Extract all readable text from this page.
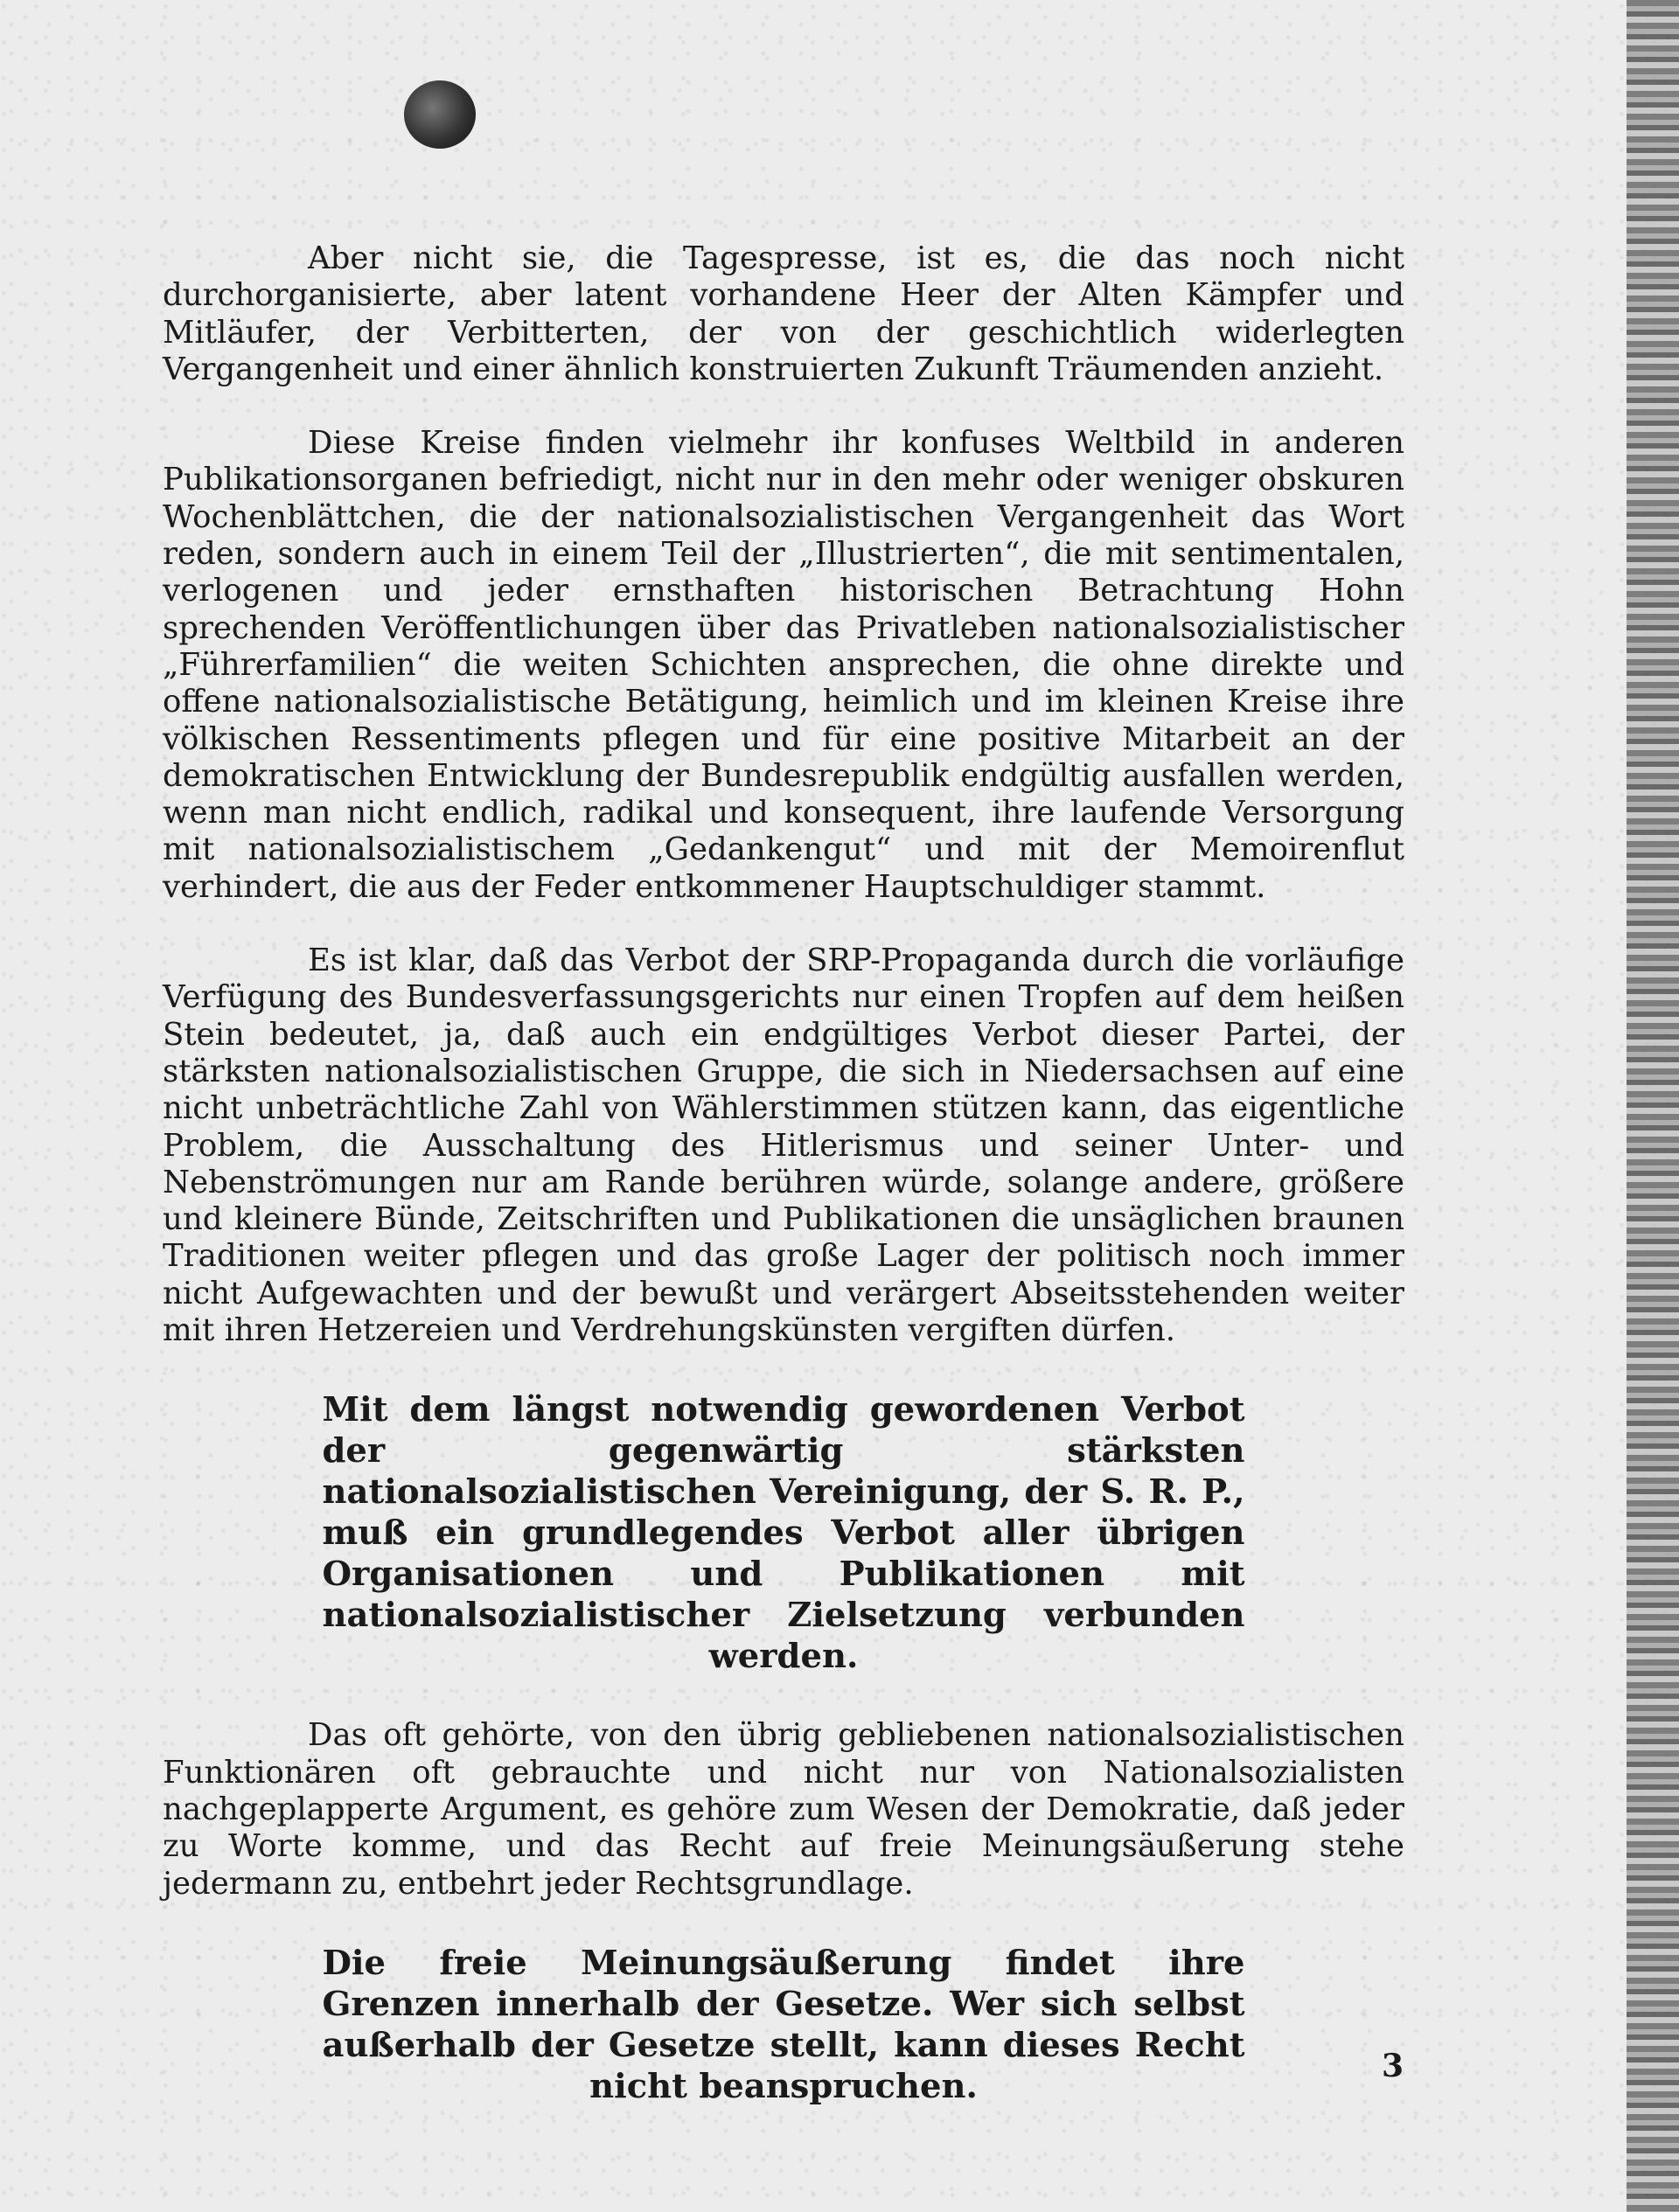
Aber nicht sie, die Tagespresse, ist es, die das noch nicht durchorganisierte, aber latent vorhandene Heer der Alten Kämpfer und Mitläufer, der Verbitterten, der von der geschichtlich widerlegten Vergangenheit und einer ähnlich konstruierten Zukunft Träumenden anzieht.

Diese Kreise finden vielmehr ihr konfuses Weltbild in anderen Publikationsorganen befriedigt, nicht nur in den mehr oder weniger obskuren Wochenblättchen, die der nationalsozialistischen Vergangenheit das Wort reden, sondern auch in einem Teil der „Illustrierten“, die mit sentimentalen, verlogenen und jeder ernsthaften historischen Betrachtung Hohn sprechenden Veröffentlichungen über das Privatleben nationalsozialistischer „Führerfamilien“ die weiten Schichten ansprechen, die ohne direkte und offene nationalsozialistische Betätigung, heimlich und im kleinen Kreise ihre völkischen Ressentiments pflegen und für eine positive Mitarbeit an der demokratischen Entwicklung der Bundesrepublik endgültig ausfallen werden, wenn man nicht endlich, radikal und konsequent, ihre laufende Versorgung mit nationalsozialistischem „Gedankengut“ und mit der Memoirenflut verhindert, die aus der Feder entkommener Hauptschuldiger stammt.

Es ist klar, daß das Verbot der SRP-Propaganda durch die vorläufige Verfügung des Bundesverfassungsgerichts nur einen Tropfen auf dem heißen Stein bedeutet, ja, daß auch ein endgültiges Verbot dieser Partei, der stärksten nationalsozialistischen Gruppe, die sich in Niedersachsen auf eine nicht unbeträchtliche Zahl von Wählerstimmen stützen kann, das eigentliche Problem, die Ausschaltung des Hitlerismus und seiner Unter- und Nebenströmungen nur am Rande berühren würde, solange andere, größere und kleinere Bünde, Zeitschriften und Publikationen die unsäglichen braunen Traditionen weiter pflegen und das große Lager der politisch noch immer nicht Aufgewachten und der bewußt und verärgert Abseitsstehenden weiter mit ihren Hetzereien und Verdrehungskünsten vergiften dürfen.

Mit dem längst notwendig gewordenen Verbot der gegenwärtig stärksten nationalsozialistischen Vereinigung, der S. R. P., muß ein grundlegendes Verbot aller übrigen Organisationen und Publikationen mit nationalsozialistischer Zielsetzung verbunden werden.

Das oft gehörte, von den übrig gebliebenen nationalsozialistischen Funktionären oft gebrauchte und nicht nur von Nationalsozialisten nachgeplapperte Argument, es gehöre zum Wesen der Demokratie, daß jeder zu Worte komme, und das Recht auf freie Meinungsäußerung stehe jedermann zu, entbehrt jeder Rechtsgrundlage.

Die freie Meinungsäußerung findet ihre Grenzen innerhalb der Gesetze. Wer sich selbst außerhalb der Gesetze stellt, kann dieses Recht nicht beanspruchen.

3
